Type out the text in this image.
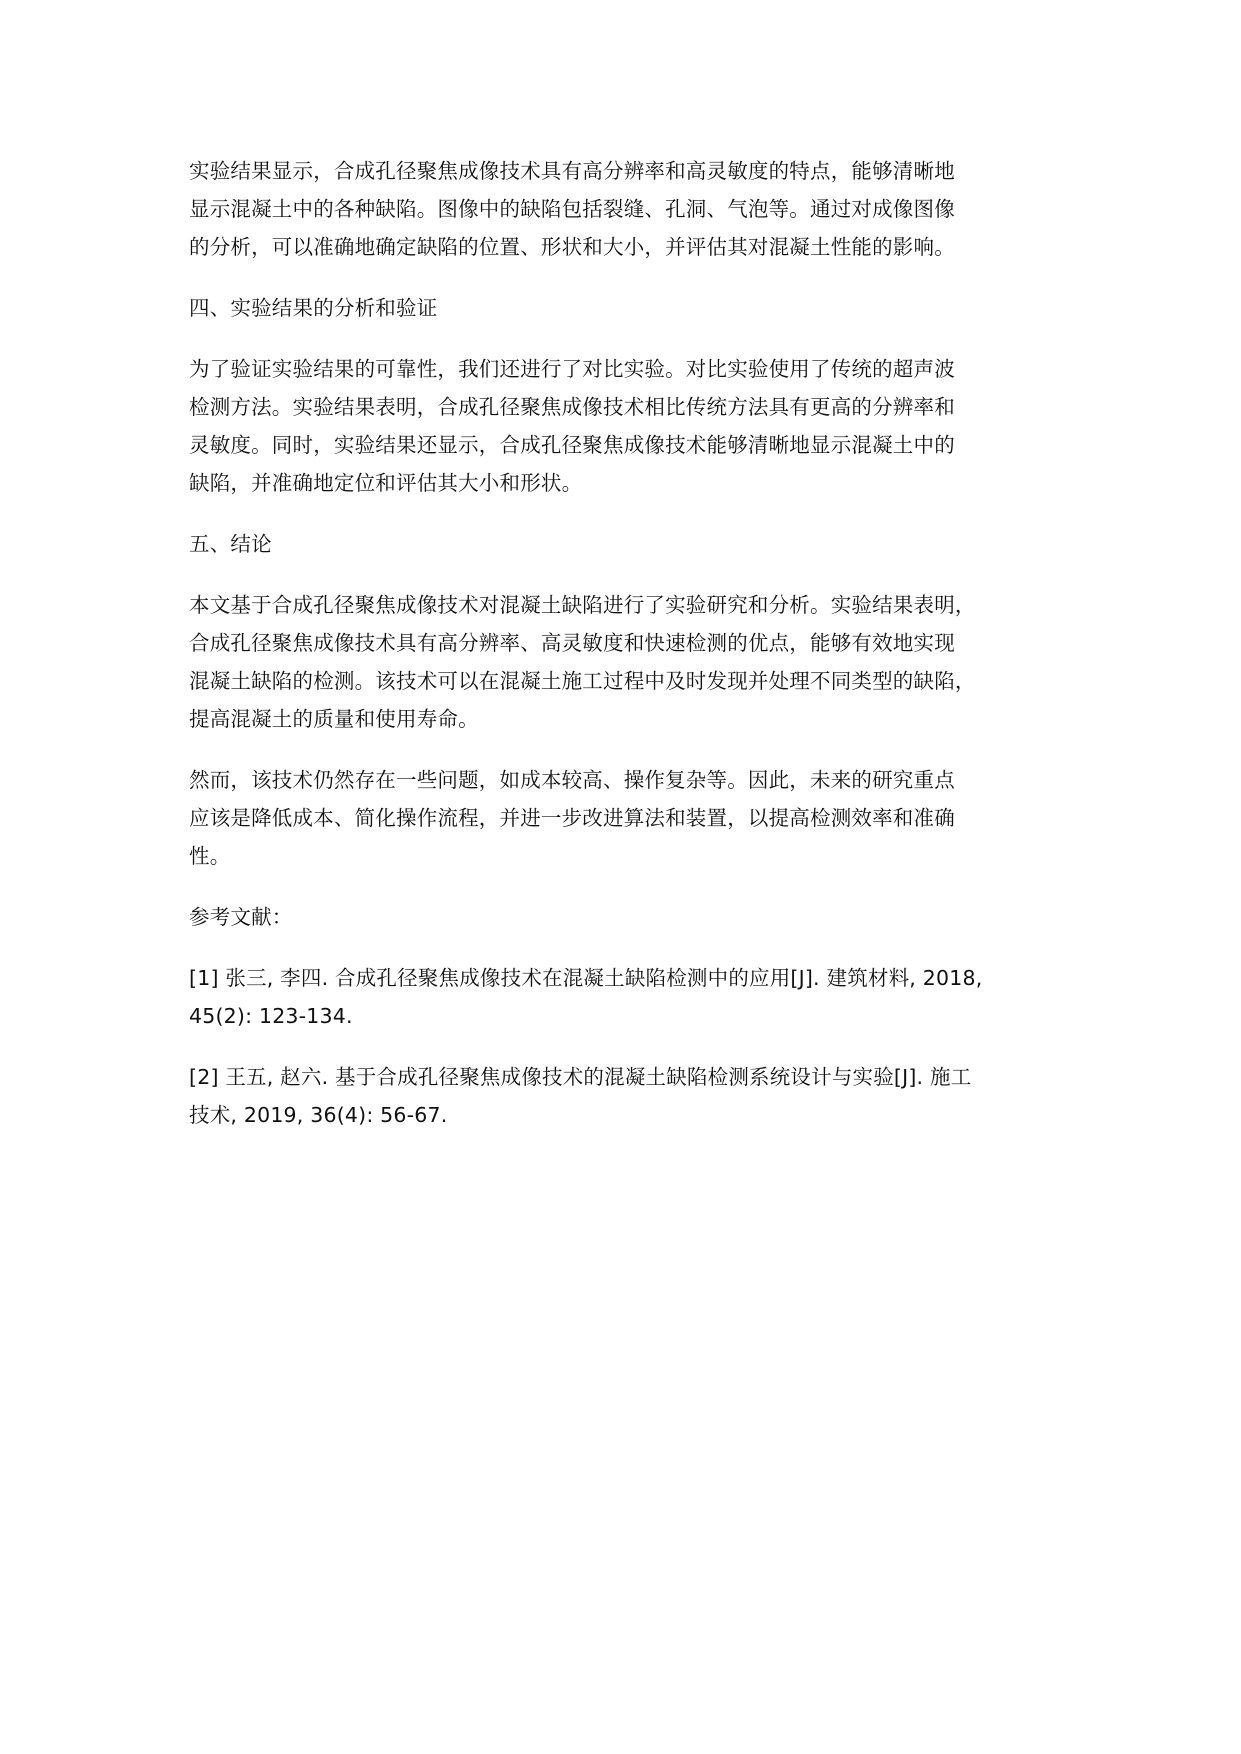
实验结果显示，合成孔径聚焦成像技术具有高分辨率和高灵敏度的特点，能够清晰地
显示混凝土中的各种缺陷。图像中的缺陷包括裂缝、孔洞、气泡等。通过对成像图像
的分析，可以准确地确定缺陷的位置、形状和大小，并评估其对混凝土性能的影响。

四、实验结果的分析和验证

为了验证实验结果的可靠性，我们还进行了对比实验。对比实验使用了传统的超声波
检测方法。实验结果表明，合成孔径聚焦成像技术相比传统方法具有更高的分辨率和
灵敏度。同时，实验结果还显示，合成孔径聚焦成像技术能够清晰地显示混凝土中的
缺陷，并准确地定位和评估其大小和形状。

五、结论

本文基于合成孔径聚焦成像技术对混凝土缺陷进行了实验研究和分析。实验结果表明，
合成孔径聚焦成像技术具有高分辨率、高灵敏度和快速检测的优点，能够有效地实现
混凝土缺陷的检测。该技术可以在混凝土施工过程中及时发现并处理不同类型的缺陷，
提高混凝土的质量和使用寿命。

然而，该技术仍然存在一些问题，如成本较高、操作复杂等。因此，未来的研究重点
应该是降低成本、简化操作流程，并进一步改进算法和装置，以提高检测效率和准确
性。

参考文献：

[1] 张三, 李四. 合成孔径聚焦成像技术在混凝土缺陷检测中的应用[J]. 建筑材料, 2018,
45(2): 123-134.

[2] 王五, 赵六. 基于合成孔径聚焦成像技术的混凝土缺陷检测系统设计与实验[J]. 施工
技术, 2019, 36(4): 56-67.
